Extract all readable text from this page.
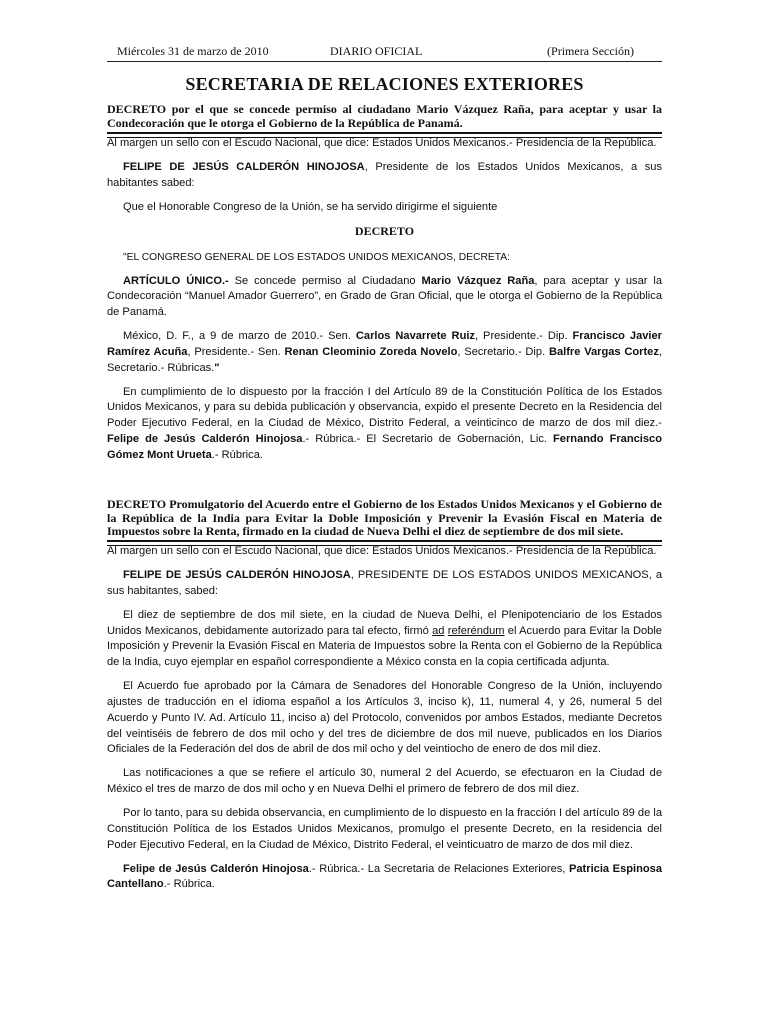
Miércoles 31 de marzo de 2010	DIARIO OFICIAL	(Primera Sección)
SECRETARIA DE RELACIONES EXTERIORES
DECRETO por el que se concede permiso al ciudadano Mario Vázquez Raña, para aceptar y usar la Condecoración que le otorga el Gobierno de la República de Panamá.

Al margen un sello con el Escudo Nacional, que dice: Estados Unidos Mexicanos.- Presidencia de la República.

FELIPE DE JESÚS CALDERÓN HINOJOSA, Presidente de los Estados Unidos Mexicanos, a sus habitantes sabed:

Que el Honorable Congreso de la Unión, se ha servido dirigirme el siguiente

DECRETO

"EL CONGRESO GENERAL DE LOS ESTADOS UNIDOS MEXICANOS, DECRETA:

ARTÍCULO ÚNICO.- Se concede permiso al Ciudadano Mario Vázquez Raña, para aceptar y usar la Condecoración “Manuel Amador Guerrero”, en Grado de Gran Oficial, que le otorga el Gobierno de la República de Panamá.

México, D. F., a 9 de marzo de 2010.- Sen. Carlos Navarrete Ruiz, Presidente.- Dip. Francisco Javier Ramírez Acuña, Presidente.- Sen. Renan Cleominio Zoreda Novelo, Secretario.- Dip. Balfre Vargas Cortez, Secretario.- Rúbricas."

En cumplimiento de lo dispuesto por la fracción I del Artículo 89 de la Constitución Política de los Estados Unidos Mexicanos, y para su debida publicación y observancia, expido el presente Decreto en la Residencia del Poder Ejecutivo Federal, en la Ciudad de México, Distrito Federal, a veinticinco de marzo de dos mil diez.- Felipe de Jesús Calderón Hinojosa.- Rúbrica.- El Secretario de Gobernación, Lic. Fernando Francisco Gómez Mont Urueta.- Rúbrica.

DECRETO Promulgatorio del Acuerdo entre el Gobierno de los Estados Unidos Mexicanos y el Gobierno de la República de la India para Evitar la Doble Imposición y Prevenir la Evasión Fiscal en Materia de Impuestos sobre la Renta, firmado en la ciudad de Nueva Delhi el diez de septiembre de dos mil siete.

Al margen un sello con el Escudo Nacional, que dice: Estados Unidos Mexicanos.- Presidencia de la República.

FELIPE DE JESÚS CALDERÓN HINOJOSA, PRESIDENTE DE LOS ESTADOS UNIDOS MEXICANOS, a sus habitantes, sabed:

El diez de septiembre de dos mil siete, en la ciudad de Nueva Delhi, el Plenipotenciario de los Estados Unidos Mexicanos, debidamente autorizado para tal efecto, firmó ad referéndum el Acuerdo para Evitar la Doble Imposición y Prevenir la Evasión Fiscal en Materia de Impuestos sobre la Renta con el Gobierno de la República de la India, cuyo ejemplar en español correspondiente a México consta en la copia certificada adjunta.

El Acuerdo fue aprobado por la Cámara de Senadores del Honorable Congreso de la Unión, incluyendo ajustes de traducción en el idioma español a los Artículos 3, inciso k), 11, numeral 4, y 26, numeral 5 del Acuerdo y Punto IV. Ad. Artículo 11, inciso a) del Protocolo, convenidos por ambos Estados, mediante Decretos del veintiséis de febrero de dos mil ocho y del tres de diciembre de dos mil nueve, publicados en los Diarios Oficiales de la Federación del dos de abril de dos mil ocho y del veintiocho de enero de dos mil diez.

Las notificaciones a que se refiere el artículo 30, numeral 2 del Acuerdo, se efectuaron en la Ciudad de México el tres de marzo de dos mil ocho y en Nueva Delhi el primero de febrero de dos mil diez.

Por lo tanto, para su debida observancia, en cumplimiento de lo dispuesto en la fracción I del artículo 89 de la Constitución Política de los Estados Unidos Mexicanos, promulgo el presente Decreto, en la residencia del Poder Ejecutivo Federal, en la Ciudad de México, Distrito Federal, el veinticuatro de marzo de dos mil diez.

Felipe de Jesús Calderón Hinojosa.- Rúbrica.- La Secretaria de Relaciones Exteriores, Patricia Espinosa Cantellano.- Rúbrica.
